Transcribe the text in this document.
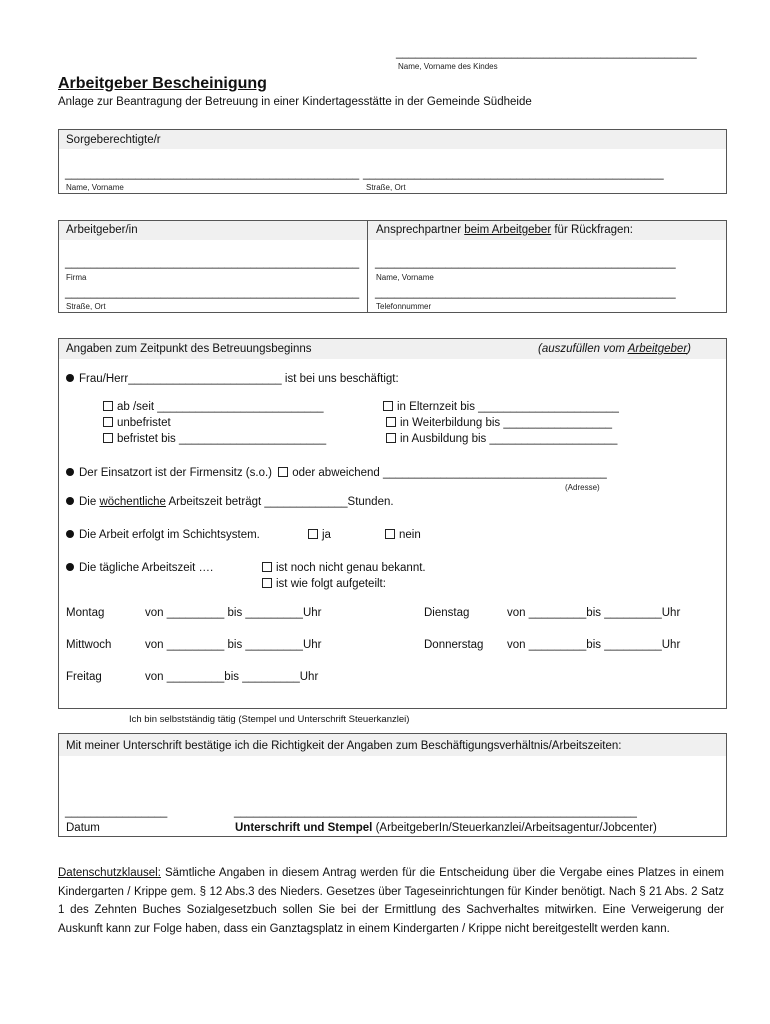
_______________________________________________
Name, Vorname des Kindes
Arbeitgeber Bescheinigung
Anlage zur Beantragung der Betreuung in einer Kindertagesstätte in der Gemeinde Südheide
Sorgeberechtigte/r
______________________________________________
Name, Vorname
_______________________________________________
Straße, Ort
Arbeitgeber/in	Ansprechpartner beim Arbeitgeber für Rückfragen:
______________________________________________
Firma
______________________________________________
Straße, Ort
_______________________________________________
Name, Vorname
_______________________________________________
Telefonnummer
Angaben zum Zeitpunkt des Betreuungsbeginns	(auszufüllen vom Arbeitgeber)
Frau/Herr________________________ ist bei uns beschäftigt:
ab /seit __________________________
unbefristet
befristet bis _______________________
in Elternzeit bis ______________________
in Weiterbildung bis _________________
in Ausbildung bis ____________________
Der Einsatzort ist der Firmensitz (s.o.) oder abweichend ___________________________________
(Adresse)
Die wöchentliche Arbeitszeit beträgt _____________Stunden.
Die Arbeit erfolgt im Schichtsystem.	ja	nein
Die tägliche Arbeitszeit ….	ist noch nicht genau bekannt.
ist wie folgt aufgeteilt:
Montag	von _________ bis _________Uhr	Dienstag	von _________bis _________Uhr
Mittwoch	von _________ bis _________Uhr	Donnerstag von _________bis _________Uhr
Freitag	von _________bis _________Uhr
Ich bin selbstständig tätig (Stempel und Unterschrift Steuerkanzlei)
Mit meiner Unterschrift bestätige ich die Richtigkeit der Angaben zum Beschäftigungsverhältnis/Arbeitszeiten:
________________
Datum
_______________________________________________________________
Unterschrift und Stempel (ArbeitgeberIn/Steuerkanzlei/Arbeitsagentur/Jobcenter)
Datenschutzklausel: Sämtliche Angaben in diesem Antrag werden für die Entscheidung über die Vergabe eines Platzes in einem Kindergarten / Krippe gem. § 12 Abs.3 des Nieders. Gesetzes über Tageseinrichtungen für Kinder benötigt. Nach § 21 Abs. 2 Satz 1 des Zehnten Buches Sozialgesetzbuch sollen Sie bei der Ermittlung des Sachverhaltes mitwirken. Eine Verweigerung der Auskunft kann zur Folge haben, dass ein Ganztagsplatz in einem Kindergarten / Krippe nicht bereitgestellt werden kann.
